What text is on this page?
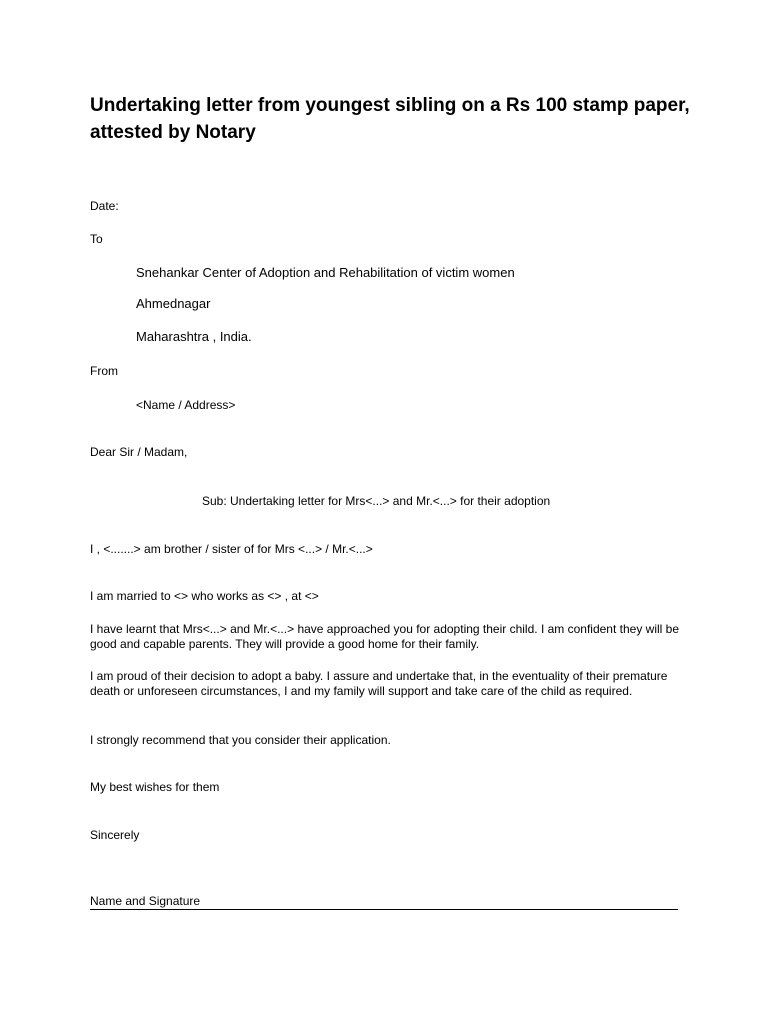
Undertaking letter from youngest sibling on a Rs 100 stamp paper, attested by Notary
Date:
To
Snehankar Center of Adoption and Rehabilitation of victim women
Ahmednagar
Maharashtra , India.
From
<Name / Address>
Dear Sir / Madam,
Sub: Undertaking letter for Mrs<...> and Mr.<...> for their adoption
I , <.......> am brother / sister of for Mrs <...> / Mr.<...>
I am married to <> who works as <> , at <>

I have learnt that Mrs<...> and Mr.<...> have approached you for adopting their child. I am confident they will be good and capable parents. They will provide a good home for their family.

I am proud of their decision to adopt a baby. I assure and undertake that, in the eventuality of their premature death or unforeseen circumstances, I and my family will support and take care of the child as required.

I strongly recommend that you consider their application.
My best wishes for them
Sincerely
Name and Signature
